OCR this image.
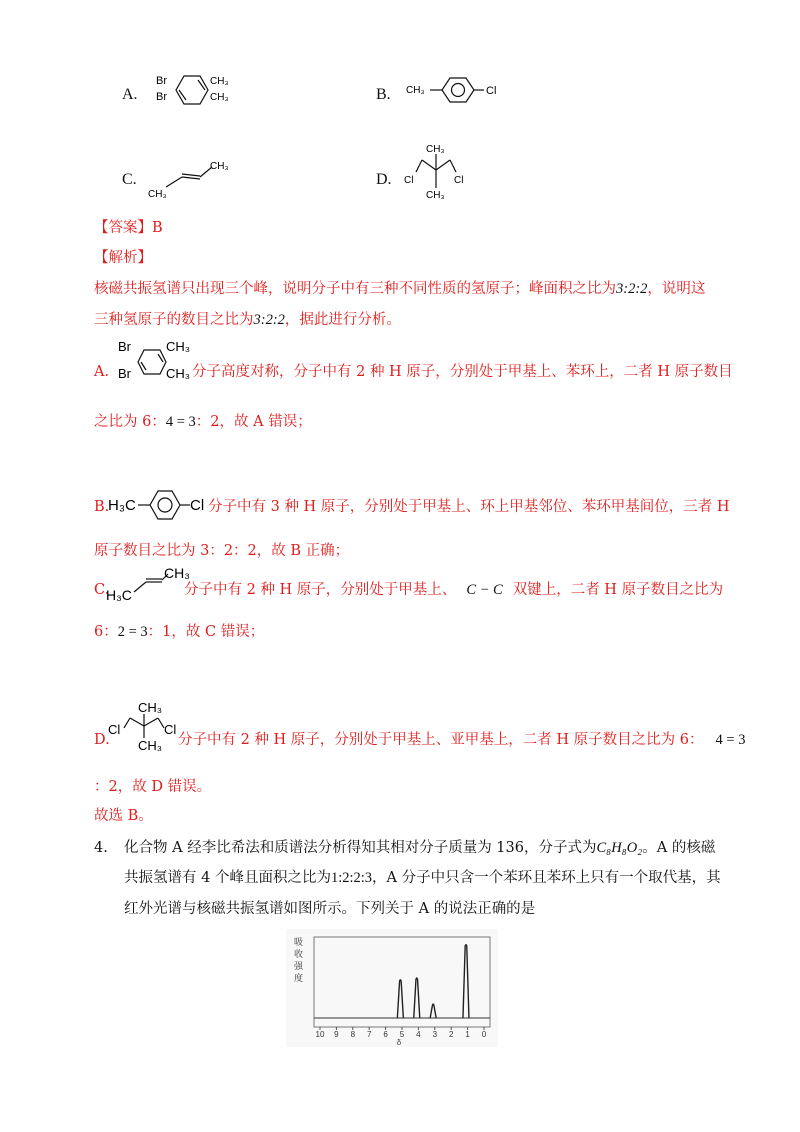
A.
Br
Br
CH₃
CH₃	B. CH₃	Cl
C.
CH₃
CH₃
D.
CH₃
Cl	Cl
CH₃
【答案】B
【解析】
核磁共振氢谱只出现三个峰，说明分子中有三种不同性质的氢原子；峰面积之比为3:2:2，说明这
三种氢原子的数目之比为3:2:2，据此进行分析。
A.
Br
Br
CH₃
CH₃ 分子高度对称，分子中有 2 种 H 原子，分别处于甲基上、苯环上，二者 H 原子数目
之比为 6：4 = 3：2，故 A 错误；
B.
H₃C	Cl 分子中有 3 种 H 原子，分别处于甲基上、环上甲基邻位、苯环甲基间位，三者 H
原子数目之比为 3：2：2，故 B 正确；
C.
CH₃
H₃C	分子中有 2 种 H 原子，分别处于甲基上、 C − C 双键上，二者 H 原子数目之比为
6：2 = 3：1，故 C 错误；
D.
CH₃
Cl	Cl
CH₃ 分子中有 2 种 H 原子，分别处于甲基上、亚甲基上，二者 H 原子数目之比为 6： 4 = 3
：2，故 D 错误。
故选 B。
4. 化合物 A 经李比希法和质谱法分析得知其相对分子质量为 136，分子式为C₈H₈O₂。A 的核磁
共振氢谱有 4 个峰且面积之比为1:2:2:3，A 分子中只含一个苯环且苯环上只有一个取代基，其
红外光谱与核磁共振氢谱如图所示。下列关于 A 的说法正确的是
吸
收
强
度
10 9 8 7 6 5 4 3 2 1 0
δ
